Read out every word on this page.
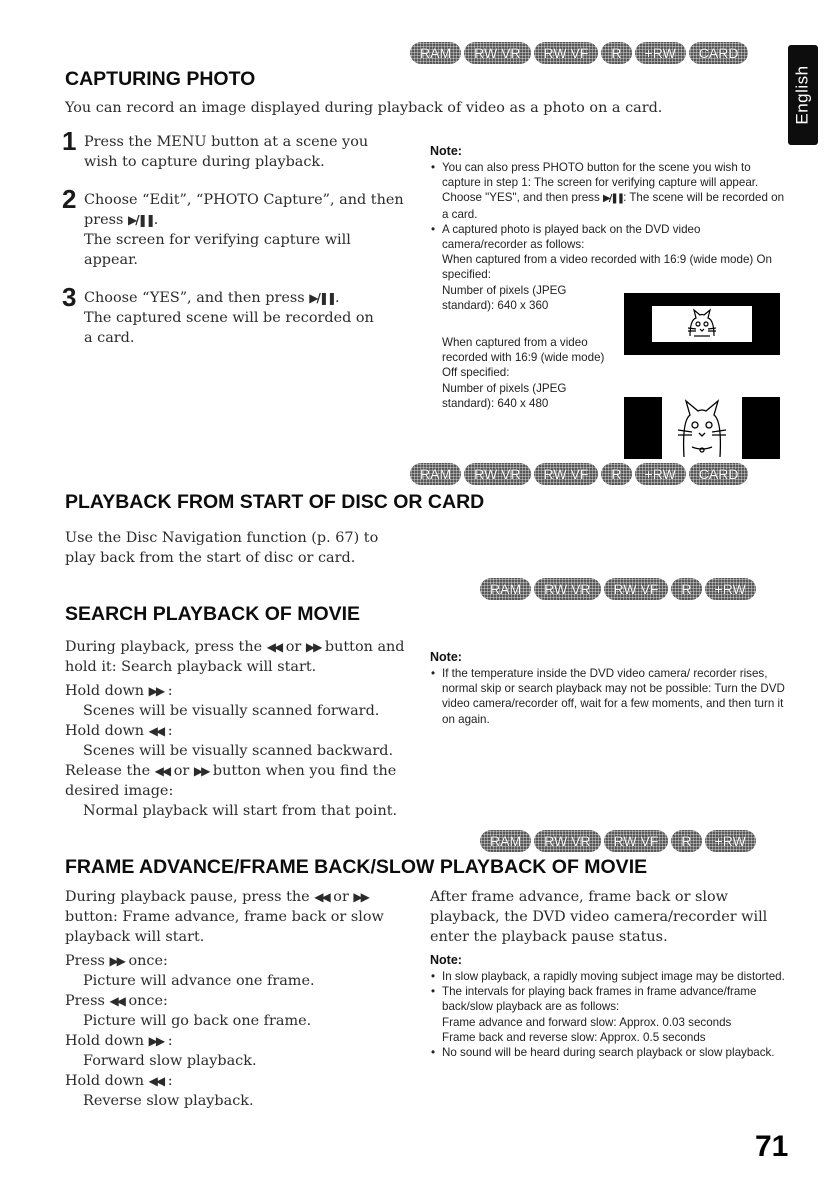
English
RAM	RW VR	RW VF	R	+RW	CARD
CAPTURING PHOTO
You can record an image displayed during playback of video as a photo on a card.
1 Press the MENU button at a scene you wish to capture during playback.
2 Choose “Edit”, “PHOTO Capture”, and then press ▶/❚❚.
The screen for verifying capture will appear.
3 Choose “YES”, and then press ▶/❚❚.
The captured scene will be recorded on a card.
Note:
• You can also press PHOTO button for the scene you wish to capture in step 1: The screen for verifying capture will appear. Choose "YES", and then press ▶/❚❚: The scene will be recorded on a card.
• A captured photo is played back on the DVD video camera/recorder as follows:
When captured from a video recorded with 16:9 (wide mode) On specified:
Number of pixels (JPEG standard): 640 x 360
When captured from a video recorded with 16:9 (wide mode) Off specified:
Number of pixels (JPEG standard): 640 x 480
RAM	RW VR	RW VF	R	+RW	CARD
PLAYBACK FROM START OF DISC OR CARD
Use the Disc Navigation function (p. 67) to play back from the start of disc or card.
RAM	RW VR	RW VF	R	+RW
SEARCH PLAYBACK OF MOVIE
During playback, press the ◀◀ or ▶▶ button and hold it: Search playback will start.
Hold down ▶▶ :
Scenes will be visually scanned forward.
Hold down ◀◀ :
Scenes will be visually scanned backward.
Release the ◀◀ or ▶▶ button when you find the desired image:
Normal playback will start from that point.
Note:
• If the temperature inside the DVD video camera/ recorder rises, normal skip or search playback may not be possible: Turn the DVD video camera/recorder off, wait for a few moments, and then turn it on again.
RAM	RW VR	RW VF	R	+RW
FRAME ADVANCE/FRAME BACK/SLOW PLAYBACK OF MOVIE
During playback pause, press the ◀◀ or ▶▶ button: Frame advance, frame back or slow playback will start.
Press ▶▶ once:
Picture will advance one frame.
Press ◀◀ once:
Picture will go back one frame.
Hold down ▶▶ :
Forward slow playback.
Hold down ◀◀ :
Reverse slow playback.
After frame advance, frame back or slow playback, the DVD video camera/recorder will enter the playback pause status.
Note:
• In slow playback, a rapidly moving subject image may be distorted.
• The intervals for playing back frames in frame advance/frame back/slow playback are as follows:
Frame advance and forward slow: Approx. 0.03 seconds
Frame back and reverse slow: Approx. 0.5 seconds
• No sound will be heard during search playback or slow playback.
71
